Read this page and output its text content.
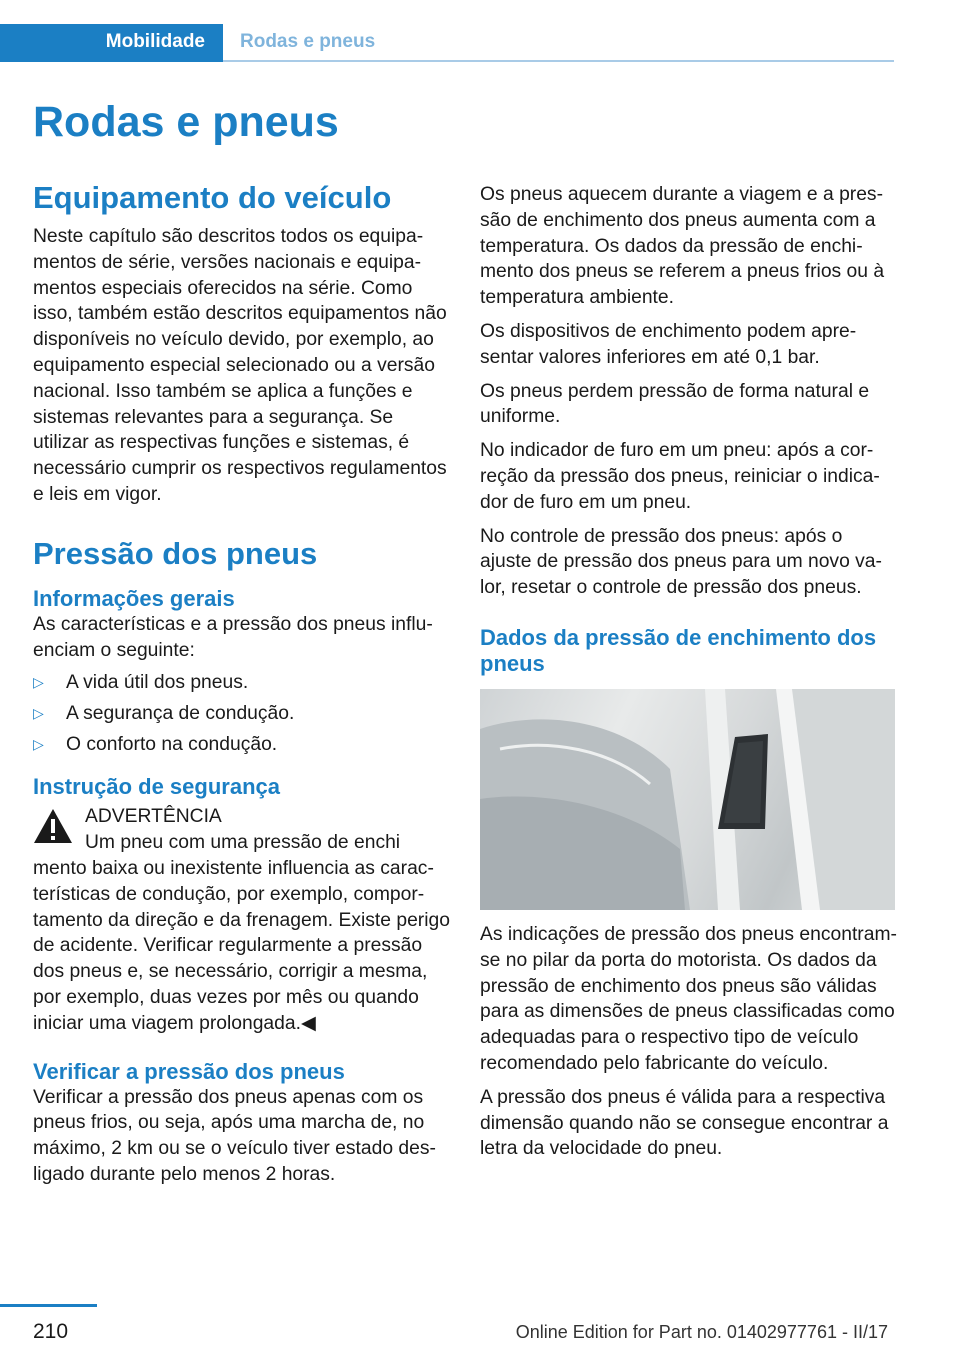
Mobilidade	Rodas e pneus
Rodas e pneus
Equipamento do veículo

Neste capítulo são descritos todos os equipamentos de série, versões nacionais e equipamentos especiais oferecidos na série. Como isso, também estão descritos equipamentos não disponíveis no veículo devido, por exemplo, ao equipamento especial selecionado ou a versão nacional. Isso também se aplica a funções e sistemas relevantes para a segurança. Se utilizar as respectivas funções e sistemas, é necessário cumprir os respectivos regulamentos e leis em vigor.

Pressão dos pneus
Informações gerais

As características e a pressão dos pneus influenciam o seguinte:

▷ A vida útil dos pneus.
▷ A segurança de condução.
▷ O conforto na condução.
Instrução de segurança
ADVERTÊNCIA
Um pneu com uma pressão de enchi

mento baixa ou inexistente influencia as características de condução, por exemplo, comportamento da direção e da frenagem. Existe perigo de acidente. Verificar regularmente a pressão dos pneus e, se necessário, corrigir a mesma, por exemplo, duas vezes por mês ou quando iniciar uma viagem prolongada.◀

Verificar a pressão dos pneus

Verificar a pressão dos pneus apenas com os pneus frios, ou seja, após uma marcha de, no máximo, 2 km ou se o veículo tiver estado desligado durante pelo menos 2 horas.

Os pneus aquecem durante a viagem e a pressão de enchimento dos pneus aumenta com a temperatura. Os dados da pressão de enchimento dos pneus se referem a pneus frios ou à temperatura ambiente.

Os dispositivos de enchimento podem apresentar valores inferiores em até 0,1 bar.

Os pneus perdem pressão de forma natural e uniforme.

No indicador de furo em um pneu: após a correção da pressão dos pneus, reiniciar o indicador de furo em um pneu.

No controle de pressão dos pneus: após o ajuste de pressão dos pneus para um novo valor, resetar o controle de pressão dos pneus.

Dados da pressão de enchimento dos pneus

As indicações de pressão dos pneus encontram-se no pilar da porta do motorista. Os dados da pressão de enchimento dos pneus são válidas para as dimensões de pneus classificadas como adequadas para o respectivo tipo de veículo recomendado pelo fabricante do veículo.

A pressão dos pneus é válida para a respectiva dimensão quando não se consegue encontrar a letra da velocidade do pneu.

210	Online Edition for Part no. 01402977761 - II/17
